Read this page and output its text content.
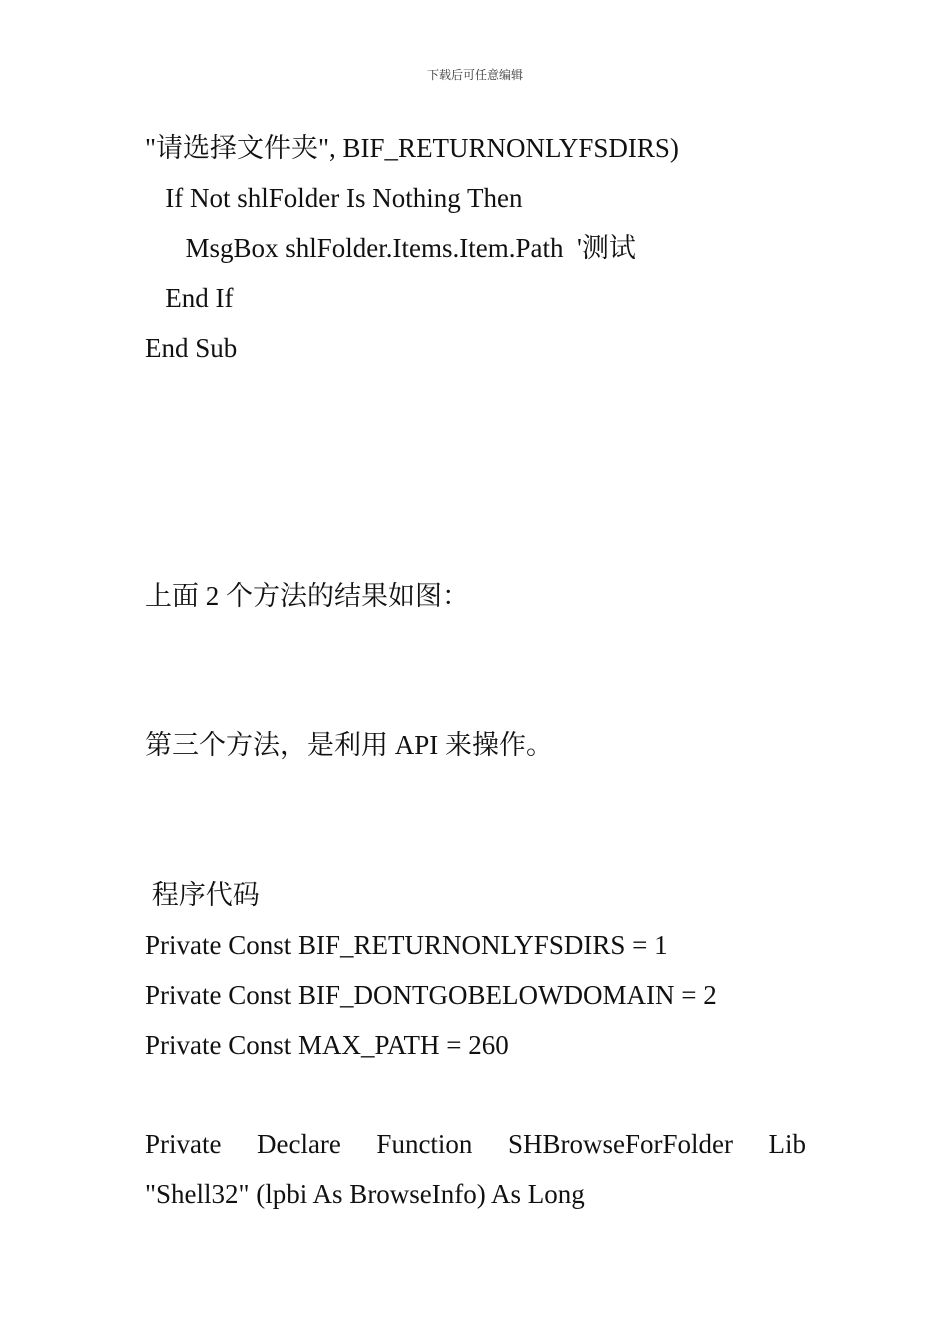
下载后可任意编辑
"请选择文件夹", BIF_RETURNONLYFSDIRS)
If Not shlFolder Is Nothing Then
MsgBox shlFolder.Items.Item.Path  '测试
End If
End Sub
上面 2 个方法的结果如图：
第三个方法，是利用 API 来操作。
程序代码
Private Const BIF_RETURNONLYFSDIRS = 1
Private Const BIF_DONTGOBELOWDOMAIN = 2
Private Const MAX_PATH = 260
Private Declare Function SHBrowseForFolder Lib
"Shell32" (lpbi As BrowseInfo) As Long
